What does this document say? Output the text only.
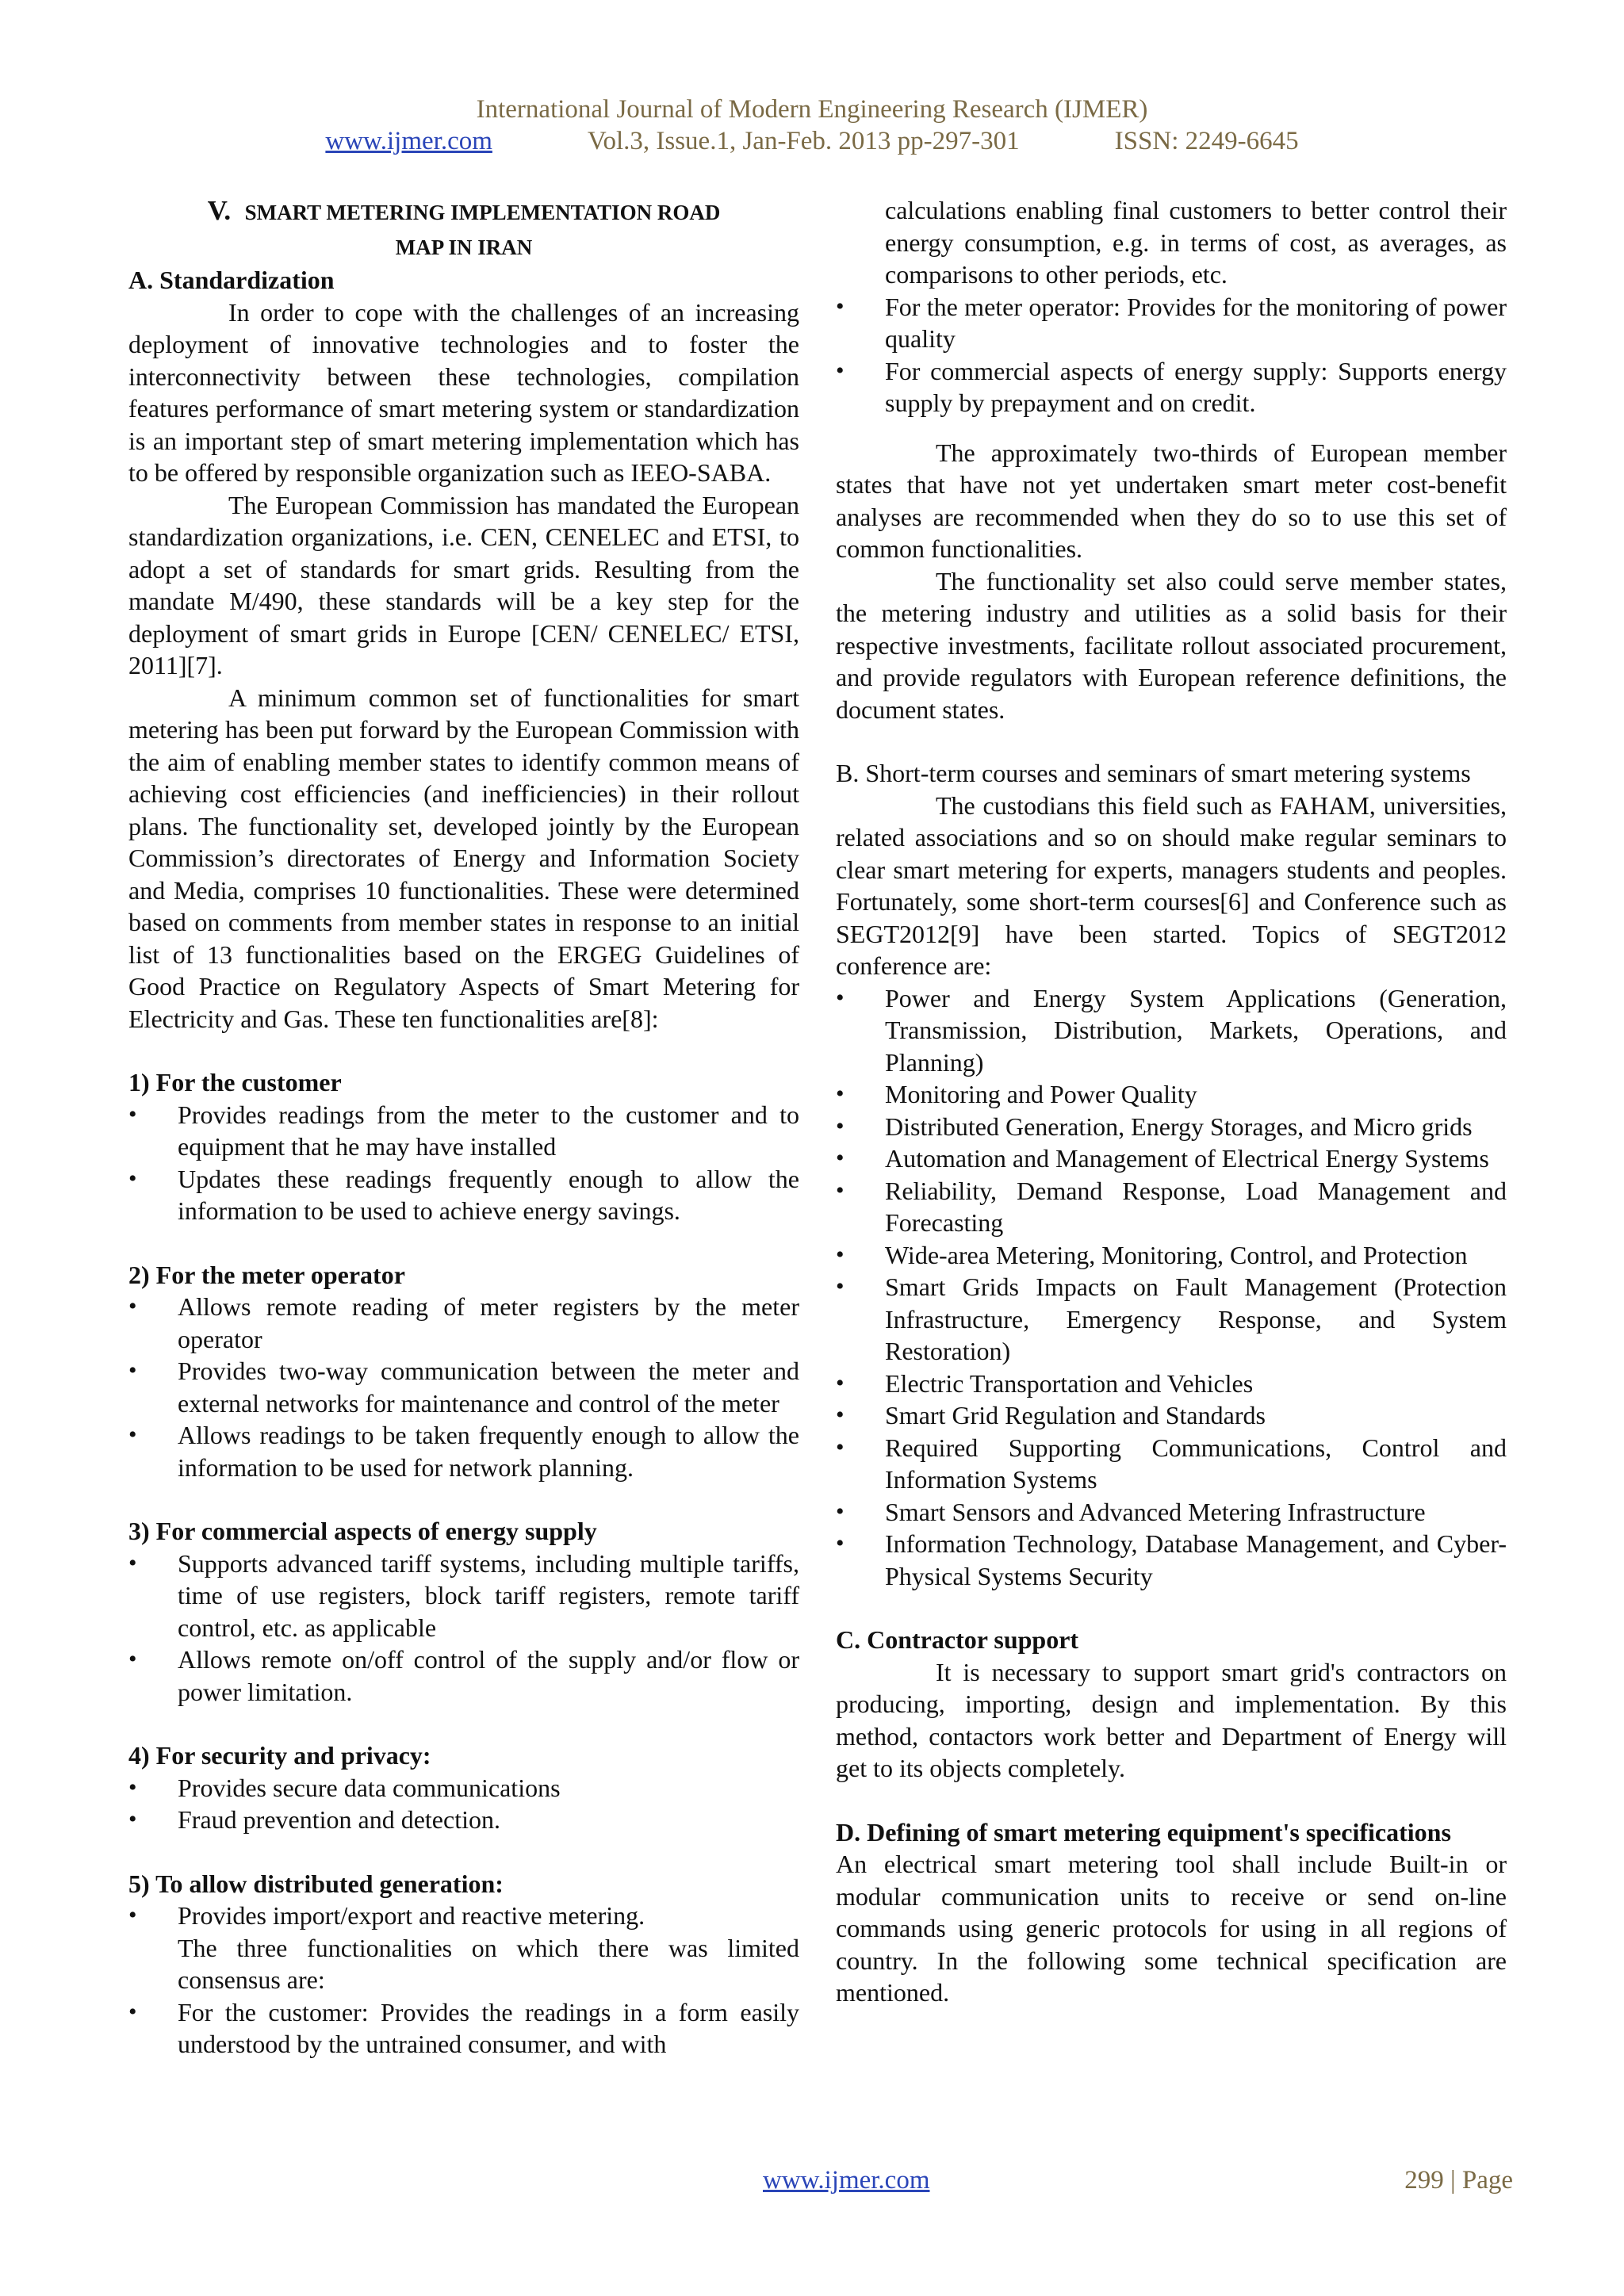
International Journal of Modern Engineering Research (IJMER)
www.ijmer.com	Vol.3, Issue.1, Jan-Feb. 2013 pp-297-301	ISSN: 2249-6645
V. SMART METERING IMPLEMENTATION ROAD
MAP IN IRAN

A. Standardization

In order to cope with the challenges of an increasing deployment of innovative technologies and to foster the interconnectivity between these technologies, compilation features performance of smart metering system or standardization is an important step of smart metering implementation which has to be offered by responsible organization such as IEEO-SABA.

The European Commission has mandated the European standardization organizations, i.e. CEN, CENELEC and ETSI, to adopt a set of standards for smart grids. Resulting from the mandate M/490, these standards will be a key step for the deployment of smart grids in Europe [CEN/ CENELEC/ ETSI, 2011][7].

A minimum common set of functionalities for smart metering has been put forward by the European Commission with the aim of enabling member states to identify common means of achieving cost efficiencies (and inefficiencies) in their rollout plans. The functionality set, developed jointly by the European Commission’s directorates of Energy and Information Society and Media, comprises 10 functionalities. These were determined based on comments from member states in response to an initial list of 13 functionalities based on the ERGEG Guidelines of Good Practice on Regulatory Aspects of Smart Metering for Electricity and Gas. These ten functionalities are[8]:

1) For the customer

• Provides readings from the meter to the customer and to equipment that he may have installed
• Updates these readings frequently enough to allow the information to be used to achieve energy savings.

2) For the meter operator

• Allows remote reading of meter registers by the meter operator
• Provides two-way communication between the meter and external networks for maintenance and control of the meter
• Allows readings to be taken frequently enough to allow the information to be used for network planning.

3) For commercial aspects of energy supply

• Supports advanced tariff systems, including multiple tariffs, time of use registers, block tariff registers, remote tariff control, etc. as applicable
• Allows remote on/off control of the supply and/or flow or power limitation.

4) For security and privacy:

• Provides secure data communications
• Fraud prevention and detection.

5) To allow distributed generation:

• Provides import/export and reactive metering.

The three functionalities on which there was limited consensus are:

• For the customer: Provides the readings in a form easily understood by the untrained consumer, and with

calculations enabling final customers to better control their energy consumption, e.g. in terms of cost, as averages, as comparisons to other periods, etc.

• For the meter operator: Provides for the monitoring of power quality
• For commercial aspects of energy supply: Supports energy supply by prepayment and on credit.

The approximately two-thirds of European member states that have not yet undertaken smart meter cost-benefit analyses are recommended when they do so to use this set of common functionalities.

The functionality set also could serve member states, the metering industry and utilities as a solid basis for their respective investments, facilitate rollout associated procurement, and provide regulators with European reference definitions, the document states.

B. Short-term courses and seminars of smart metering systems

The custodians this field such as FAHAM, universities, related associations and so on should make regular seminars to clear smart metering for experts, managers students and peoples. Fortunately, some short-term courses[6] and Conference such as SEGT2012[9] have been started. Topics of SEGT2012 conference are:

• Power and Energy System Applications (Generation, Transmission, Distribution, Markets, Operations, and Planning)
• Monitoring and Power Quality
• Distributed Generation, Energy Storages, and Micro grids
• Automation and Management of Electrical Energy Systems
• Reliability, Demand Response, Load Management and Forecasting
• Wide-area Metering, Monitoring, Control, and Protection
• Smart Grids Impacts on Fault Management (Protection Infrastructure, Emergency Response, and System Restoration)
• Electric Transportation and Vehicles
• Smart Grid Regulation and Standards
• Required Supporting Communications, Control and Information Systems
• Smart Sensors and Advanced Metering Infrastructure
• Information Technology, Database Management, and Cyber-Physical Systems Security

C. Contractor support

It is necessary to support smart grid's contractors on producing, importing, design and implementation. By this method, contactors work better and Department of Energy will get to its objects completely.

D. Defining of smart metering equipment's specifications

An electrical smart metering tool shall include Built-in or modular communication units to receive or send on-line commands using generic protocols for using in all regions of country. In the following some technical specification are mentioned.

www.ijmer.com	299 | Page
